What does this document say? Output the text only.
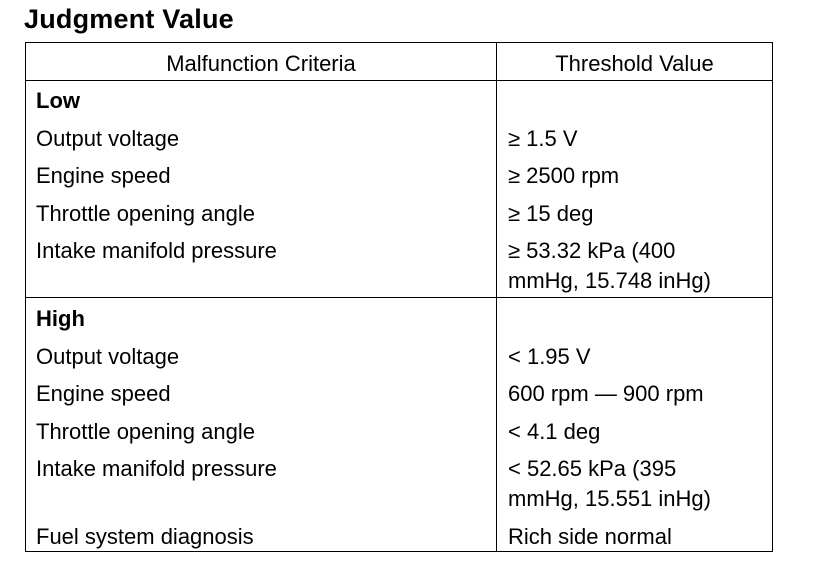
Judgment Value
Malfunction Criteria	Threshold Value
Low
Output voltage	≥ 1.5 V
Engine speed	≥ 2500 rpm
Throttle opening angle	≥ 15 deg
Intake manifold pressure	≥ 53.32 kPa (400
mmHg, 15.748 inHg)
High
Output voltage	< 1.95 V
Engine speed	600 rpm — 900 rpm
Throttle opening angle	< 4.1 deg
Intake manifold pressure	< 52.65 kPa (395
mmHg, 15.551 inHg)
Fuel system diagnosis	Rich side normal
